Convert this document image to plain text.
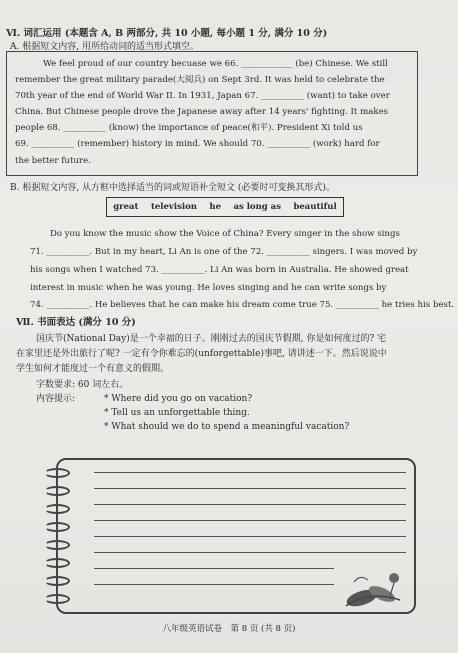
Ⅵ. 词汇运用 (本题含 A, B 两部分, 共 10 小题, 每小题 1 分, 满分 10 分)
A. 根据短文内容, 用所给动词的适当形式填空。
We feel proud of our country becuase we 66. ____________ (be) Chinese. We still
remember the great military parade(大阅兵) on Sept 3rd. It was held to celebrate the
70th year of the end of World War II. In 1931, Japan 67. __________ (want) to take over
China. But Chinese people drove the Japanese away after 14 years' fighting. It makes
people 68. __________ (know) the importance of peace(和平). President Xi told us
69. __________ (remember) history in mind. We should 70. __________ (work) hard for
the better future.
B. 根据短文内容, 从方框中选择适当的词或短语补全短文 (必要时可变换其形式)。
great television he as long as beautiful
Do you know the music show the Voice of China? Every singer in the show sings
71. __________. But in my heart, Li An is one of the 72. __________ singers. I was moved by
his songs when I watched 73. __________. Li An was born in Australia. He showed great
interest in music when he was young. He loves singing and he can write songs by
74. __________. He believes that he can make his dream come true 75. __________ he tries his best.
Ⅶ. 书面表达 (满分 10 分)
国庆节(National Day)是一个幸福的日子。刚刚过去的国庆节假期, 你是如何度过的? 宅
在家里还是外出旅行了呢? 一定有令你难忘的(unforgettable)事吧, 请讲述一下。然后说说中
学生如何才能度过一个有意义的假期。
字数要求: 60 词左右。
内容提示:	* Where did you go on vacation?
* Tell us an unforgettable thing.
* What should we do to spend a meaningful vacation?
八年级英语试卷　第 8 页 (共 8 页)
